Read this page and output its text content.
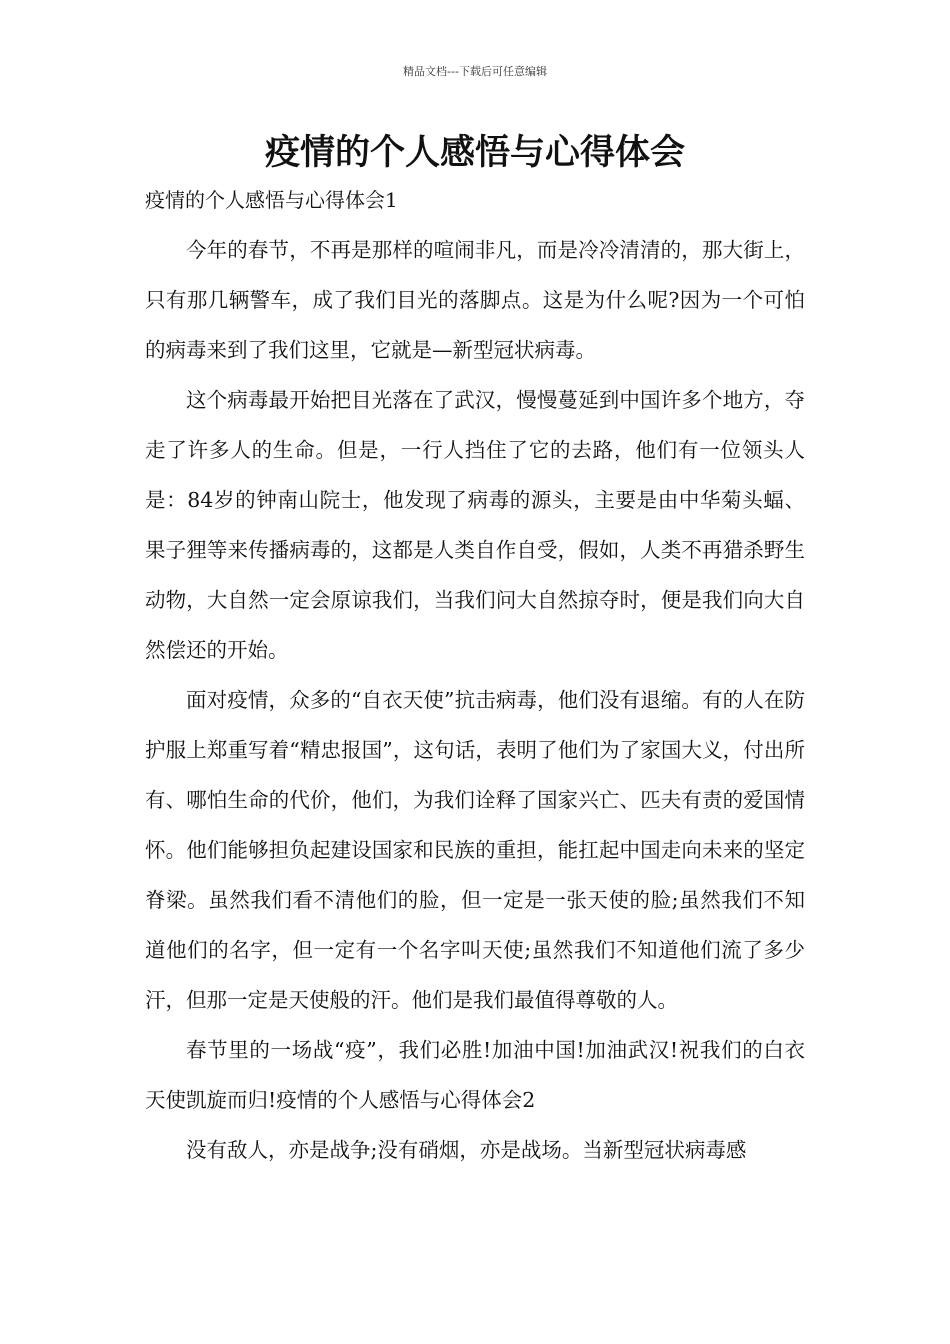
精品文档---下载后可任意编辑
疫情的个人感悟与心得体会

疫情的个人感悟与心得体会1

今年的春节，不再是那样的喧闹非凡，而是冷冷清清的，那大街上，只有那几辆警车，成了我们目光的落脚点。这是为什么呢?因为一个可怕的病毒来到了我们这里，它就是—新型冠状病毒。

这个病毒最开始把目光落在了武汉，慢慢蔓延到中国许多个地方，夺走了许多人的生命。但是，一行人挡住了它的去路，他们有一位领头人是：84岁的钟南山院士，他发现了病毒的源头，主要是由中华菊头蝠、果子狸等来传播病毒的，这都是人类自作自受，假如，人类不再猎杀野生动物，大自然一定会原谅我们，当我们问大自然掠夺时，便是我们向大自然偿还的开始。

面对疫情，众多的“自衣天使”抗击病毒，他们没有退缩。有的人在防护服上郑重写着“精忠报国”，这句话，表明了他们为了家国大义，付出所有、哪怕生命的代价，他们，为我们诠释了国家兴亡、匹夫有责的爱国情怀。他们能够担负起建设国家和民族的重担，能扛起中国走向未来的坚定脊梁。虽然我们看不清他们的脸，但一定是一张天使的脸;虽然我们不知道他们的名字，但一定有一个名字叫天使;虽然我们不知道他们流了多少汗，但那一定是天使般的汗。他们是我们最值得尊敬的人。

春节里的一场战“疫”，我们必胜!加油中国!加油武汉!祝我们的白衣天使凯旋而归!疫情的个人感悟与心得体会2

没有敌人，亦是战争;没有硝烟，亦是战场。当新型冠状病毒感
